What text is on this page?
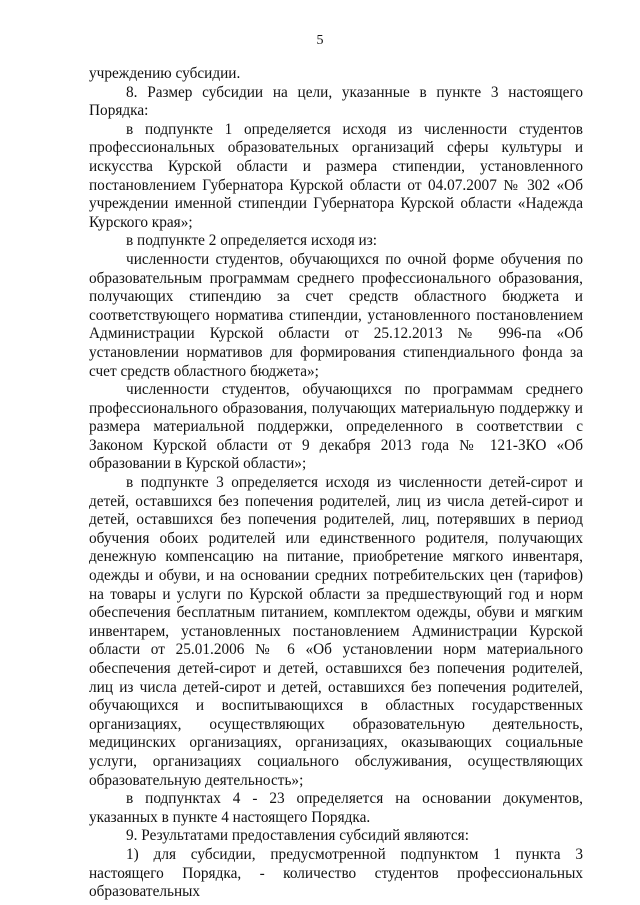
5

учреждению субсидии.

8. Размер субсидии на цели, указанные в пункте 3 настоящего Порядка:

в подпункте 1 определяется исходя из численности студентов профессиональных образовательных организаций сферы культуры и искусства Курской области и размера стипендии, установленного постановлением Губернатора Курской области от 04.07.2007 № 302 «Об учреждении именной стипендии Губернатора Курской области «Надежда Курского края»;

в подпункте 2 определяется исходя из:

численности студентов, обучающихся по очной форме обучения по образовательным программам среднего профессионального образования, получающих стипендию за счет средств областного бюджета и соответствующего норматива стипендии, установленного постановлением Администрации Курской области от 25.12.2013 № 996-па «Об установлении нормативов для формирования стипендиального фонда за счет средств областного бюджета»;

численности студентов, обучающихся по программам среднего профессионального образования, получающих материальную поддержку и размера материальной поддержки, определенного в соответствии с Законом Курской области от 9 декабря 2013 года № 121-ЗКО «Об образовании в Курской области»;

в подпункте 3 определяется исходя из численности детей-сирот и детей, оставшихся без попечения родителей, лиц из числа детей-сирот и детей, оставшихся без попечения родителей, лиц, потерявших в период обучения обоих родителей или единственного родителя, получающих денежную компенсацию на питание, приобретение мягкого инвентаря, одежды и обуви, и на основании средних потребительских цен (тарифов) на товары и услуги по Курской области за предшествующий год и норм обеспечения бесплатным питанием, комплектом одежды, обуви и мягким инвентарем, установленных постановлением Администрации Курской области от 25.01.2006 № 6 «Об установлении норм материального обеспечения детей-сирот и детей, оставшихся без попечения родителей, лиц из числа детей-сирот и детей, оставшихся без попечения родителей, обучающихся и воспитывающихся в областных государственных организациях, осуществляющих образовательную деятельность, медицинских организациях, организациях, оказывающих социальные услуги, организациях социального обслуживания, осуществляющих образовательную деятельность»;

в подпунктах 4 - 23 определяется на основании документов, указанных в пункте 4 настоящего Порядка.

9. Результатами предоставления субсидий являются:

1) для субсидии, предусмотренной подпунктом 1 пункта 3 настоящего Порядка, - количество студентов профессиональных образовательных
